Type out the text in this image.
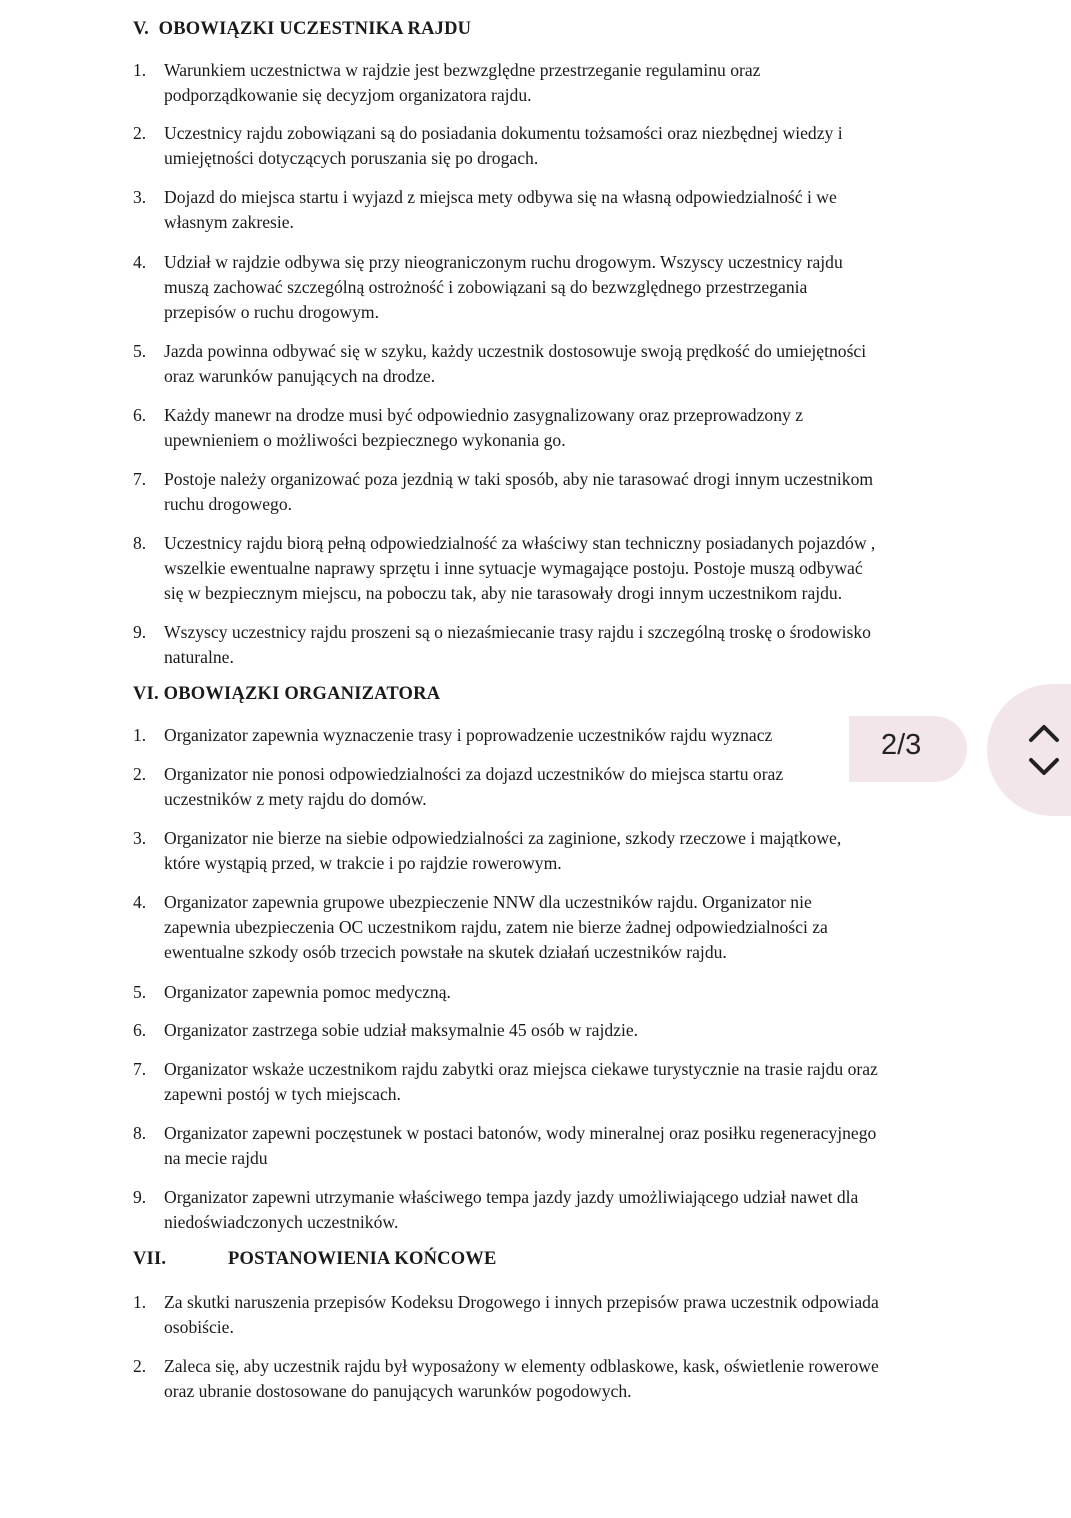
V. OBOWIĄZKI UCZESTNIKA RAJDU
1. Warunkiem uczestnictwa w rajdzie jest bezwzględne przestrzeganie regulaminu oraz
podporządkowanie się decyzjom organizatora rajdu.
2. Uczestnicy rajdu zobowiązani są do posiadania dokumentu tożsamości oraz niezbędnej wiedzy i
umiejętności dotyczących poruszania się po drogach.
3. Dojazd do miejsca startu i wyjazd z miejsca mety odbywa się na własną odpowiedzialność i we
własnym zakresie.
4. Udział w rajdzie odbywa się przy nieograniczonym ruchu drogowym. Wszyscy uczestnicy rajdu
muszą zachować szczególną ostrożność i zobowiązani są do bezwzględnego przestrzegania
przepisów o ruchu drogowym.
5. Jazda powinna odbywać się w szyku, każdy uczestnik dostosowuje swoją prędkość do umiejętności
oraz warunków panujących na drodze.
6. Każdy manewr na drodze musi być odpowiednio zasygnalizowany oraz przeprowadzony z
upewnieniem o możliwości bezpiecznego wykonania go.
7. Postoje należy organizować poza jezdnią w taki sposób, aby nie tarasować drogi innym uczestnikom
ruchu drogowego.
8. Uczestnicy rajdu biorą pełną odpowiedzialność za właściwy stan techniczny posiadanych pojazdów ,
wszelkie ewentualne naprawy sprzętu i inne sytuacje wymagające postoju. Postoje muszą odbywać
się w bezpiecznym miejscu, na poboczu tak, aby nie tarasowały drogi innym uczestnikom rajdu.
9. Wszyscy uczestnicy rajdu proszeni są o niezaśmiecanie trasy rajdu i szczególną troskę o środowisko
naturalne.
VI. OBOWIĄZKI ORGANIZATORA
1. Organizator zapewnia wyznaczenie trasy i poprowadzenie uczestników rajdu wyznacz
2. Organizator nie ponosi odpowiedzialności za dojazd uczestników do miejsca startu oraz
uczestników z mety rajdu do domów.
3. Organizator nie bierze na siebie odpowiedzialności za zaginione, szkody rzeczowe i majątkowe,
które wystąpią przed, w trakcie i po rajdzie rowerowym.
4. Organizator zapewnia grupowe ubezpieczenie NNW dla uczestników rajdu. Organizator nie
zapewnia ubezpieczenia OC uczestnikom rajdu, zatem nie bierze żadnej odpowiedzialności za
ewentualne szkody osób trzecich powstałe na skutek działań uczestników rajdu.
5. Organizator zapewnia pomoc medyczną.
6. Organizator zastrzega sobie udział maksymalnie 45 osób w rajdzie.
7. Organizator wskaże uczestnikom rajdu zabytki oraz miejsca ciekawe turystycznie na trasie rajdu oraz
zapewni postój w tych miejscach.
8. Organizator zapewni poczęstunek w postaci batonów, wody mineralnej oraz posiłku regeneracyjnego
na mecie rajdu
9. Organizator zapewni utrzymanie właściwego tempa jazdy jazdy umożliwiającego udział nawet dla
niedoświadczonych uczestników.
VII.	POSTANOWIENIA KOŃCOWE
1. Za skutki naruszenia przepisów Kodeksu Drogowego i innych przepisów prawa uczestnik odpowiada
osobiście.
2. Zaleca się, aby uczestnik rajdu był wyposażony w elementy odblaskowe, kask, oświetlenie rowerowe
oraz ubranie dostosowane do panujących warunków pogodowych.
2/3
